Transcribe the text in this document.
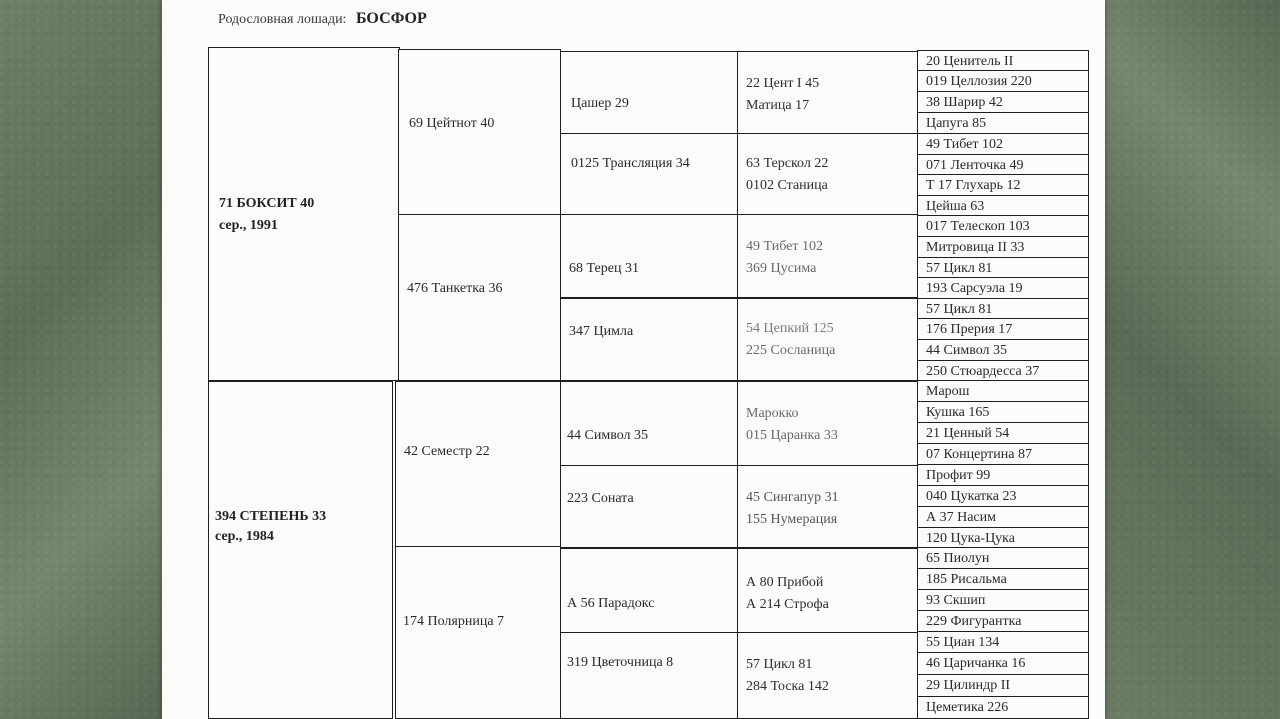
Родословная лошади: БОСФОР
71 БОКСИТ 40
сер., 1991
394 СТЕПЕНЬ 33
сер., 1984
69 Цейтнот 40
476 Танкетка 36
42 Семестр 22
174 Полярница 7
Цашер 29
0125 Трансляция 34
68 Терец 31
347 Цимла
44 Символ 35
223 Соната
А 56 Парадокс
319 Цветочница 8
22 Цент I 45
Матица 17
63 Терскол 22
0102 Станица
49 Тибет 102
369 Цусима
54 Цепкий 125
225 Сосланица
Марокко
015 Царанка 33
45 Сингапур 31
155 Нумерация
А 80 Прибой
А 214 Строфа
57 Цикл 81
284 Тоска 142
20 Ценитель II
019 Целлозия 220
38 Шарир 42
Цапуга 85
49 Тибет 102
071 Ленточка 49
Т 17 Глухарь 12
Цейша 63
017 Телескоп 103
Митровица II 33
57 Цикл 81
193 Сарсуэла 19
57 Цикл 81
176 Прерия 17
44 Символ 35
250 Стюардесса 37
Марош
Кушка 165
21 Ценный 54
07 Концертина 87
Профит 99
040 Цукатка 23
А 37 Насим
120 Цука-Цука
65 Пиолун
185 Рисальма
93 Скшип
229 Фигурантка
55 Циан 134
46 Царичанка 16
29 Цилиндр II
Цеметика 226
